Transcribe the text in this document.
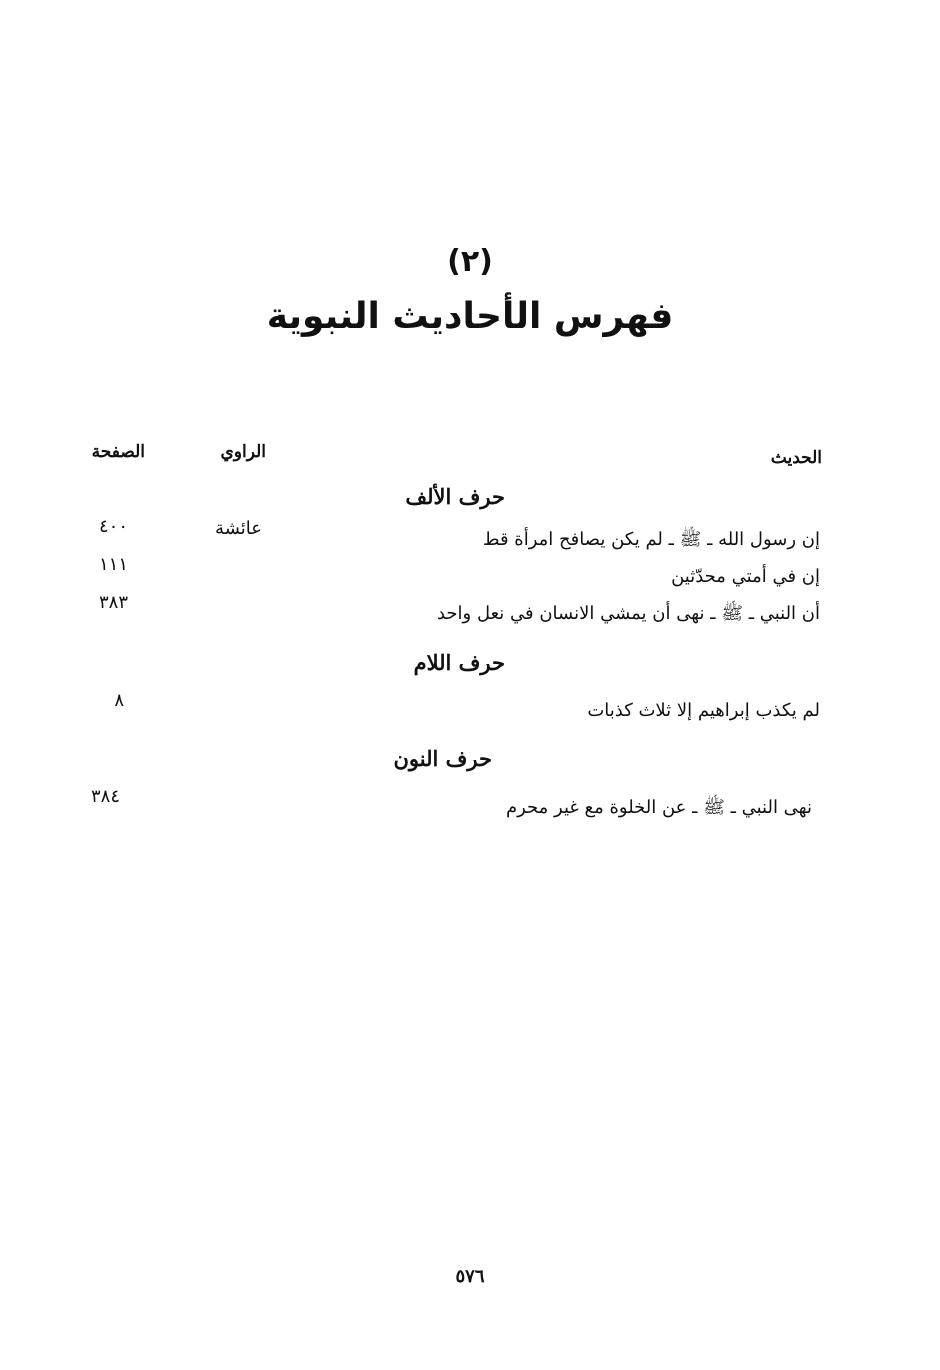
(٢)
فهرس الأحاديث النبوية
الحديث
الراوي
الصفحة
حرف الألف
إن رسول الله ـ ﷺ ـ لم يكن يصافح امرأة قط
عائشة
٤٠٠
إن في أمتي محدّثين
١١١
أن النبي ـ ﷺ ـ نهى أن يمشي الانسان في نعل واحد
٣٨٣
حرف اللام
لم يكذب إبراهيم إلا ثلاث كذبات
٨
حرف النون
نهى النبي ـ ﷺ ـ عن الخلوة مع غير محرم
٣٨٤
٥٧٦
